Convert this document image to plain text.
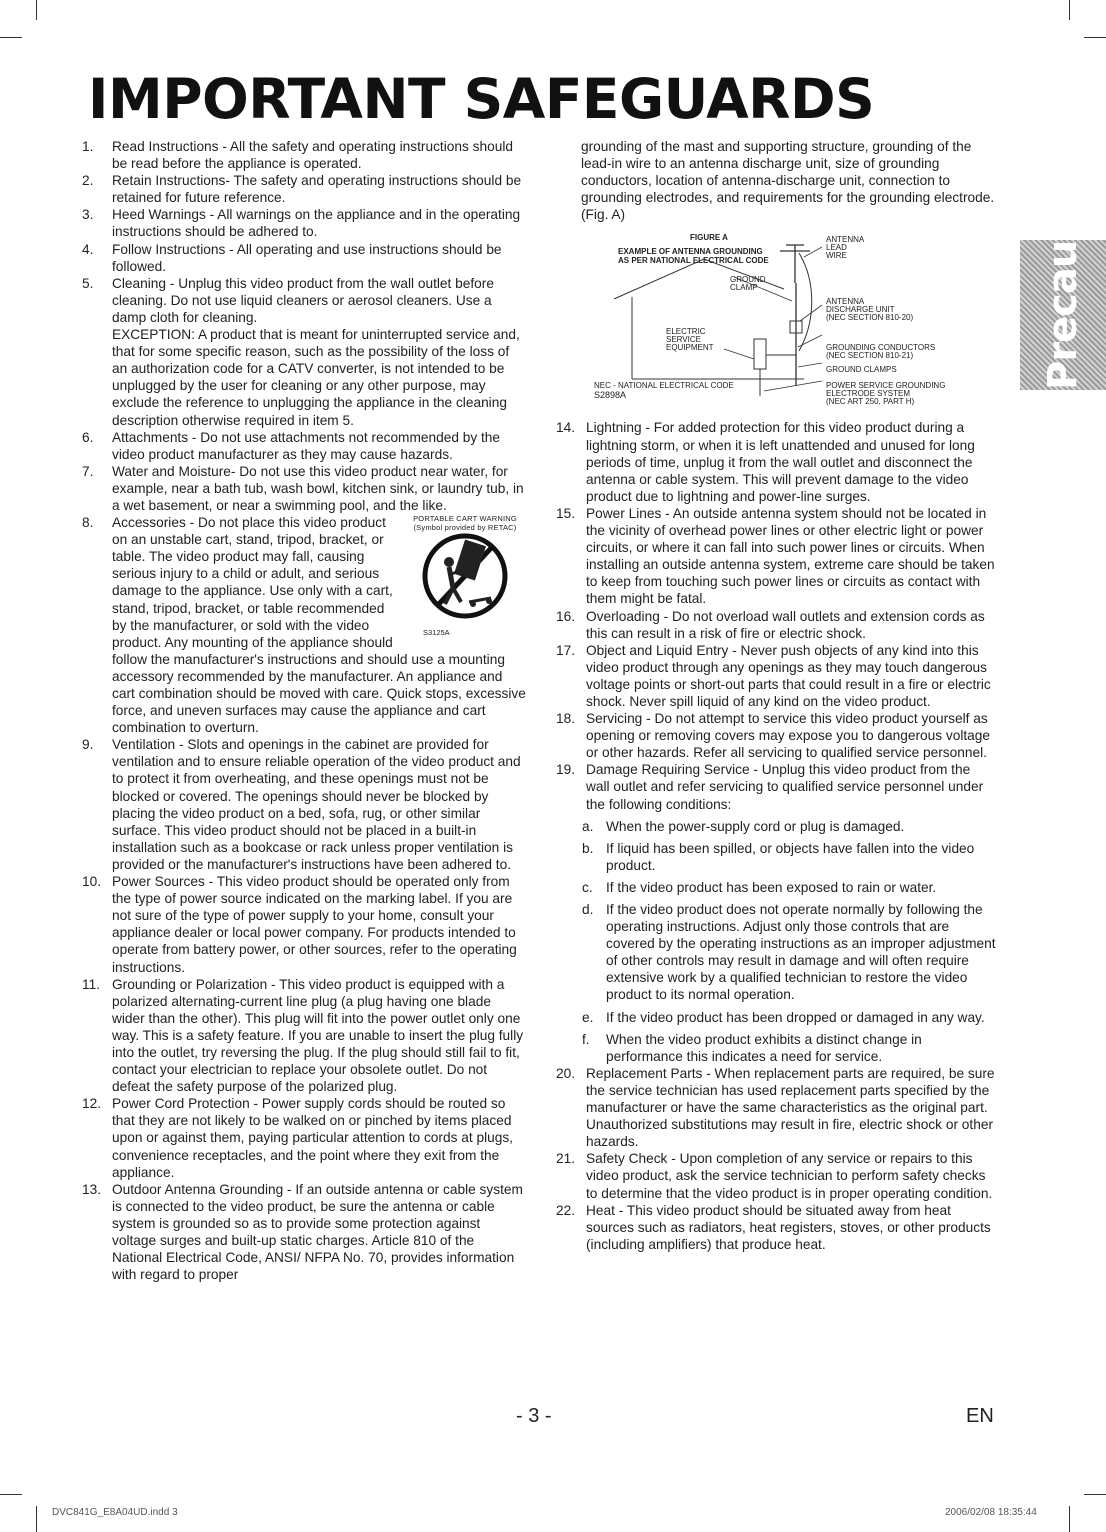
IMPORTANT SAFEGUARDS
Precautions
1. Read Instructions - All the safety and operating instructions should be read before the appliance is operated.
2. Retain Instructions- The safety and operating instructions should be retained for future reference.
3. Heed Warnings - All warnings on the appliance and in the operating instructions should be adhered to.
4. Follow Instructions - All operating and use instructions should be followed.
5. Cleaning - Unplug this video product from the wall outlet before cleaning. Do not use liquid cleaners or aerosol cleaners. Use a damp cloth for cleaning.
EXCEPTION: A product that is meant for uninterrupted service and, that for some specific reason, such as the possibility of the loss of an authorization code for a CATV converter, is not intended to be unplugged by the user for cleaning or any other purpose, may exclude the reference to unplugging the appliance in the cleaning description otherwise required in item 5.
6. Attachments - Do not use attachments not recommended by the video product manufacturer as they may cause hazards.
7. Water and Moisture- Do not use this video product near water, for example, near a bath tub, wash bowl, kitchen sink, or laundry tub, in a wet basement, or near a swimming pool, and the like.
8.	PORTABLE CART WARNING
(Symbol provided by RETAC)
S3125A
Accessories - Do not place this video product on an unstable cart, stand, tripod, bracket, or table. The video product may fall, causing serious injury to a child or adult, and serious damage to the appliance. Use only with a cart, stand, tripod, bracket, or table recommended by the manufacturer, or sold with the video product. Any mounting of the appliance should follow the manufacturer's instructions and should use a mounting accessory recommended by the manufacturer. An appliance and cart combination should be moved with care. Quick stops, excessive force, and uneven surfaces may cause the appliance and cart combination to overturn.
9. Ventilation - Slots and openings in the cabinet are provided for ventilation and to ensure reliable operation of the video product and to protect it from overheating, and these openings must not be blocked or covered. The openings should never be blocked by placing the video product on a bed, sofa, rug, or other similar surface. This video product should not be placed in a built-in installation such as a bookcase or rack unless proper ventilation is provided or the manufacturer's instructions have been adhered to.
10. Power Sources - This video product should be operated only from the type of power source indicated on the marking label. If you are not sure of the type of power supply to your home, consult your appliance dealer or local power company. For products intended to operate from battery power, or other sources, refer to the operating instructions.
11. Grounding or Polarization - This video product is equipped with a polarized alternating-current line plug (a plug having one blade wider than the other). This plug will fit into the power outlet only one way. This is a safety feature. If you are unable to insert the plug fully into the outlet, try reversing the plug. If the plug should still fail to fit, contact your electrician to replace your obsolete outlet. Do not defeat the safety purpose of the polarized plug.
12. Power Cord Protection - Power supply cords should be routed so that they are not likely to be walked on or pinched by items placed upon or against them, paying particular attention to cords at plugs, convenience receptacles, and the point where they exit from the appliance.
13. Outdoor Antenna Grounding - If an outside antenna or cable system is connected to the video product, be sure the antenna or cable system is grounded so as to provide some protection against voltage surges and built-up static charges. Article 810 of the National Electrical Code, ANSI/ NFPA No. 70, provides information with regard to proper
grounding of the mast and supporting structure, grounding of the lead-in wire to an antenna discharge unit, size of grounding conductors, location of antenna-discharge unit, connection to grounding electrodes, and requirements for the grounding electrode. (Fig. A)
FIGURE A
EXAMPLE OF ANTENNA GROUNDING
AS PER NATIONAL ELECTRICAL CODE
ANTENNA
LEAD
WIRE
GROUND
CLAMP
ANTENNA
DISCHARGE UNIT
(NEC SECTION 810-20)
ELECTRIC
SERVICE
EQUIPMENT	GROUNDING CONDUCTORS
(NEC SECTION 810-21)
GROUND CLAMPS
NEC - NATIONAL ELECTRICAL CODE
S2898A
POWER SERVICE GROUNDING
ELECTRODE SYSTEM
(NEC ART 250, PART H)
14. Lightning - For added protection for this video product during a lightning storm, or when it is left unattended and unused for long periods of time, unplug it from the wall outlet and disconnect the antenna or cable system. This will prevent damage to the video product due to lightning and power-line surges.
15. Power Lines - An outside antenna system should not be located in the vicinity of overhead power lines or other electric light or power circuits, or where it can fall into such power lines or circuits. When installing an outside antenna system, extreme care should be taken to keep from touching such power lines or circuits as contact with them might be fatal.
16. Overloading - Do not overload wall outlets and extension cords as this can result in a risk of fire or electric shock.
17. Object and Liquid Entry - Never push objects of any kind into this video product through any openings as they may touch dangerous voltage points or short-out parts that could result in a fire or electric shock. Never spill liquid of any kind on the video product.
18. Servicing - Do not attempt to service this video product yourself as opening or removing covers may expose you to dangerous voltage or other hazards. Refer all servicing to qualified service personnel.
19. Damage Requiring Service - Unplug this video product from the wall outlet and refer servicing to qualified service personnel under the following conditions:
a. When the power-supply cord or plug is damaged.
b. If liquid has been spilled, or objects have fallen into the video product.
c. If the video product has been exposed to rain or water.
d. If the video product does not operate normally by following the operating instructions. Adjust only those controls that are covered by the operating instructions as an improper adjustment of other controls may result in damage and will often require extensive work by a qualified technician to restore the video product to its normal operation.
e. If the video product has been dropped or damaged in any way.
f. When the video product exhibits a distinct change in performance this indicates a need for service.
20. Replacement Parts - When replacement parts are required, be sure the service technician has used replacement parts specified by the manufacturer or have the same characteristics as the original part. Unauthorized substitutions may result in fire, electric shock or other hazards.
21. Safety Check - Upon completion of any service or repairs to this video product, ask the service technician to perform safety checks to determine that the video product is in proper operating condition.
22. Heat - This video product should be situated away from heat sources such as radiators, heat registers, stoves, or other products (including amplifiers) that produce heat.
- 3 -	EN
DVC841G_E8A04UD.indd 3	2006/02/08 18:35:44
